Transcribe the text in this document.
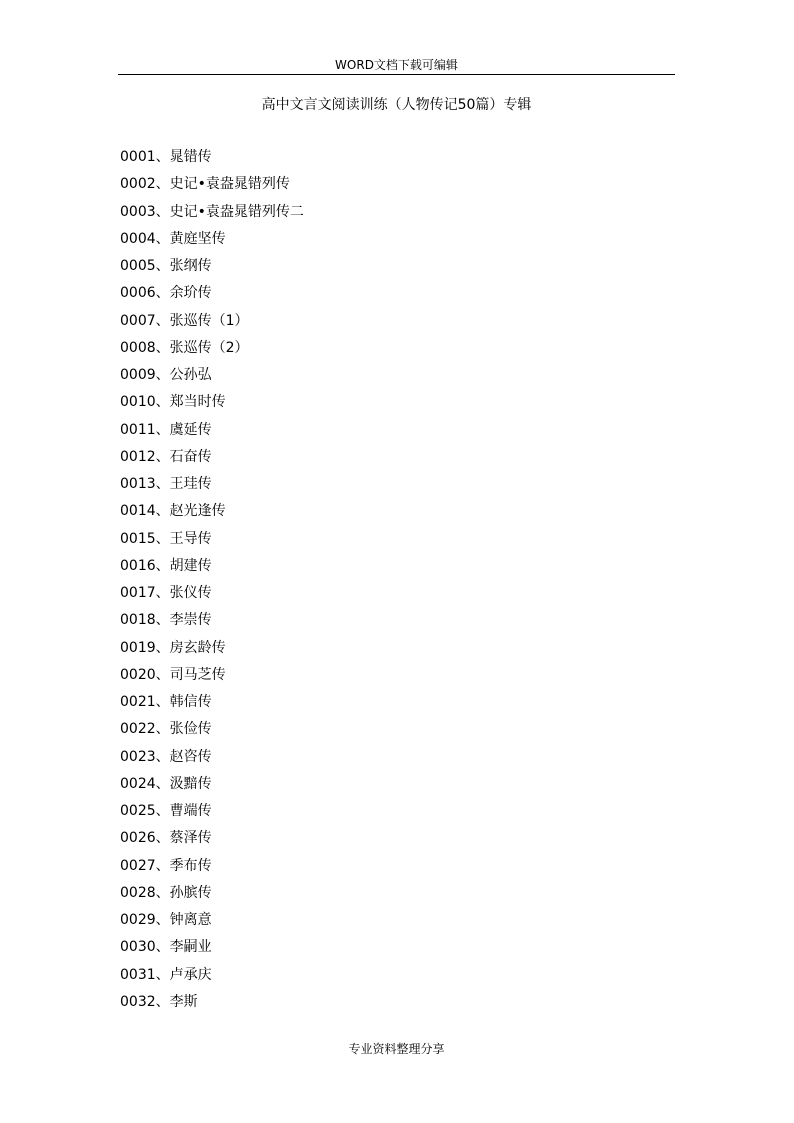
WORD文档下载可编辑
高中文言文阅读训练（人物传记50篇）专辑
0001、晁错传
0002、史记•袁盎晁错列传
0003、史记•袁盎晁错列传二
0004、黄庭坚传
0005、张纲传
0006、余玠传
0007、张巡传（1）
0008、张巡传（2）
0009、公孙弘
0010、郑当时传
0011、虞延传
0012、石奋传
0013、王珪传
0014、赵光逢传
0015、王导传
0016、胡建传
0017、张仪传
0018、李崇传
0019、房玄龄传
0020、司马芝传
0021、韩信传
0022、张俭传
0023、赵咨传
0024、汲黯传
0025、曹端传
0026、蔡泽传
0027、季布传
0028、孙膑传
0029、钟离意
0030、李嗣业
0031、卢承庆
0032、李斯
专业资料整理分享
